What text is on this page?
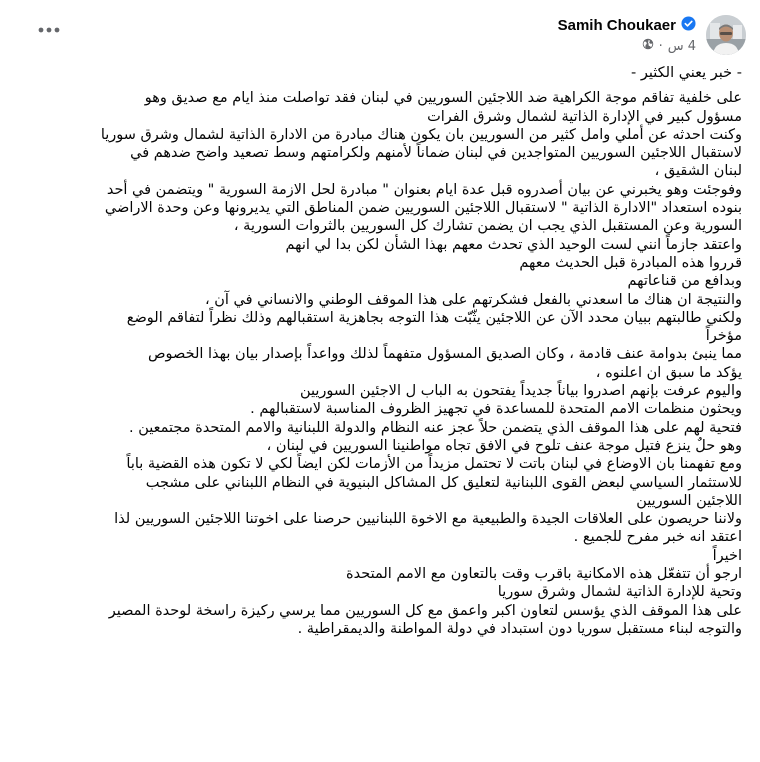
Samih Choukaer
· 4 س

- خبر يعني الكثير -

على خلفية تفاقم موجة الكراهية ضد اللاجئين السوريين في لبنان فقد تواصلت منذ ايام مع صديق وهو

مسؤول كبير في الإدارة الذاتية لشمال وشرق الفرات

وكنت احدثه عن أملي وامل كثير من السوريين بان يكون هناك مبادرة من الادارة الذاتية لشمال وشرق سوريا

لاستقبال اللاجئين السوريين المتواجدين في لبنان ضماناً لأمنهم ولكرامتهم وسط تصعيد واضح ضدهم في

لبنان الشقيق ،

وفوجئت وهو يخبرني عن بيان أصدروه قبل عدة ايام بعنوان " مبادرة لحل الازمة السورية " ويتضمن في أحد

بنوده استعداد "الادارة الذاتية " لاستقبال اللاجئين السوريين ضمن المناطق التي يديرونها وعن وحدة الاراضي

السورية وعن المستقبل الذي يجب ان يضمن تشارك كل السوريين بالثروات السورية ،

واعتقد جازماً انني لست الوحيد الذي تحدث معهم بهذا الشأن لكن بدا لي انهم

قرروا هذه المبادرة قبل الحديث معهم

وبدافع من قناعاتهم

والنتيجة ان هناك ما اسعدني بالفعل فشكرتهم على هذا الموقف الوطني والانساني في آن ،

ولكني طالبتهم ببيان محدد الآن عن اللاجئين يثّبّت هذا التوجه بجاهزية استقبالهم وذلك نظراً لتفاقم الوضع

مؤخراً

مما ينبئ بدوامة عنف قادمة ، وكان الصديق المسؤول متفهماً لذلك وواعداً بإصدار بيان بهذا الخصوص

يؤكد ما سبق ان اعلنوه ،

واليوم عرفت بإنهم اصدروا بياناً جديداً يفتحون به الباب ل الاجئين السوريين

ويحثون منظمات الامم المتحدة للمساعدة في تجهيز الظروف المناسبة لاستقبالهم .

فتحية لهم على هذا الموقف الذي يتضمن حلاً عجز عنه النظام والدولة اللبنانية والامم المتحدة مجتمعين .

وهو حلٌ ينزع فتيل موجة عنف تلوح في الافق تجاه مواطنينا السوريين في لبنان ،

ومع تفهمنا بان الاوضاع في لبنان باتت لا تحتمل مزيداً من الأزمات لكن ايضاً لكي لا تكون هذه القضية باباً

للاستثمار السياسي لبعض القوى اللبنانية لتعليق كل المشاكل البنيوية في النظام اللبناني على مشجب

اللاجئين السوريين

ولاننا حريصون على العلاقات الجيدة والطبيعية مع الاخوة اللبنانيين حرصنا على اخوتنا اللاجئين السوريين لذا

اعتقد انه خبر مفرح للجميع .

اخيراً

ارجو أن تتفعّل هذه الامكانية باقرب وقت بالتعاون مع الامم المتحدة

وتحية للإدارة الذاتية لشمال وشرق سوريا

على هذا الموقف الذي يؤسس لتعاون اكبر واعمق مع كل السوريين مما يرسي ركيزة راسخة لوحدة المصير

والتوجه لبناء مستقبل سوريا دون استبداد في دولة المواطنة والديمقراطية .
